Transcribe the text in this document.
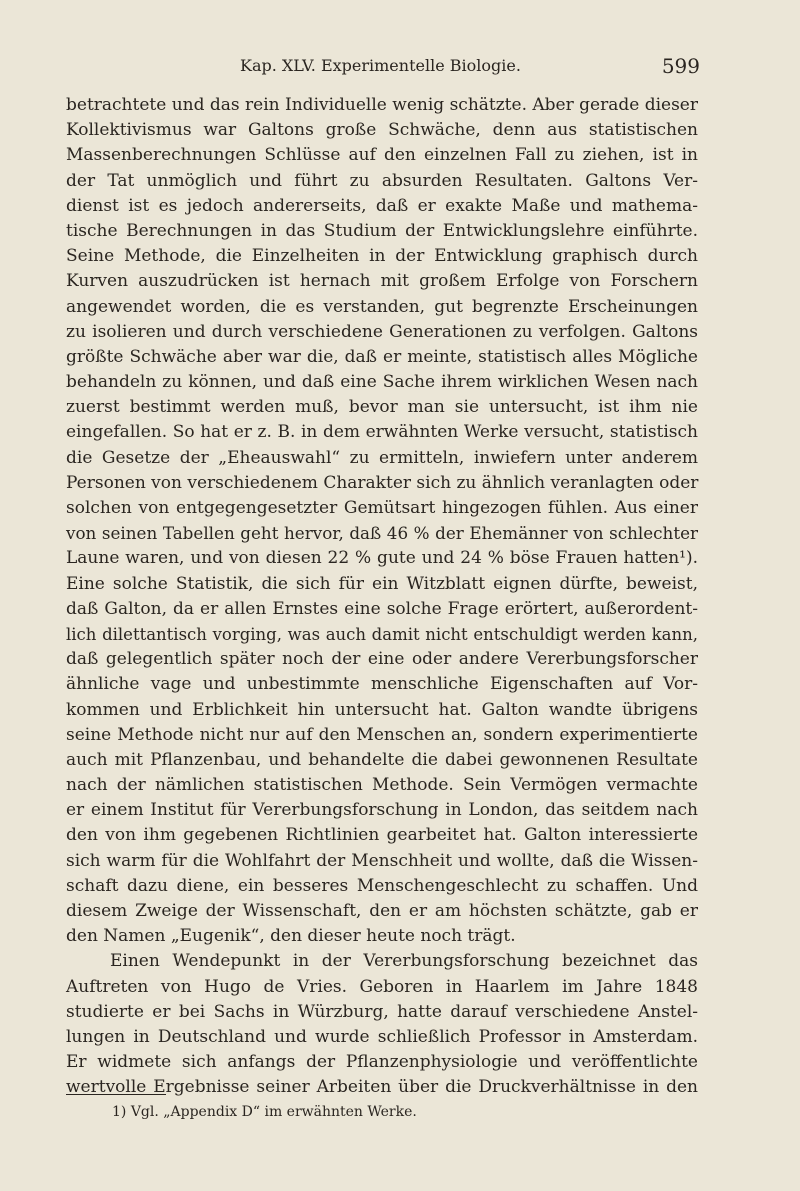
Kap. XLV. Experimentelle Biologie.	599
betrachtete und das rein Individuelle wenig schätzte. Aber gerade dieser
Kollektivismus war Galtons große Schwäche, denn aus statistischen
Massenberechnungen Schlüsse auf den einzelnen Fall zu ziehen, ist in
der Tat unmöglich und führt zu absurden Resultaten. Galtons Ver-
dienst ist es jedoch andererseits, daß er exakte Maße und mathema-
tische Berechnungen in das Studium der Entwicklungslehre einführte.
Seine Methode, die Einzelheiten in der Entwicklung graphisch durch
Kurven auszudrücken ist hernach mit großem Erfolge von Forschern
angewendet worden, die es verstanden, gut begrenzte Erscheinungen
zu isolieren und durch verschiedene Generationen zu verfolgen. Galtons
größte Schwäche aber war die, daß er meinte, statistisch alles Mögliche
behandeln zu können, und daß eine Sache ihrem wirklichen Wesen nach
zuerst bestimmt werden muß, bevor man sie untersucht, ist ihm nie
eingefallen. So hat er z. B. in dem erwähnten Werke versucht, statistisch
die Gesetze der „Eheauswahl“ zu ermitteln, inwiefern unter anderem
Personen von verschiedenem Charakter sich zu ähnlich veranlagten oder
solchen von entgegengesetzter Gemütsart hingezogen fühlen. Aus einer
von seinen Tabellen geht hervor, daß 46 % der Ehemänner von schlechter
Laune waren, und von diesen 22 % gute und 24 % böse Frauen hatten¹).
Eine solche Statistik, die sich für ein Witzblatt eignen dürfte, beweist,
daß Galton, da er allen Ernstes eine solche Frage erörtert, außerordent-
lich dilettantisch vorging, was auch damit nicht entschuldigt werden kann,
daß gelegentlich später noch der eine oder andere Vererbungsforscher
ähnliche vage und unbestimmte menschliche Eigenschaften auf Vor-
kommen und Erblichkeit hin untersucht hat. Galton wandte übrigens
seine Methode nicht nur auf den Menschen an, sondern experimentierte
auch mit Pflanzenbau, und behandelte die dabei gewonnenen Resultate
nach der nämlichen statistischen Methode. Sein Vermögen vermachte
er einem Institut für Vererbungsforschung in London, das seitdem nach
den von ihm gegebenen Richtlinien gearbeitet hat. Galton interessierte
sich warm für die Wohlfahrt der Menschheit und wollte, daß die Wissen-
schaft dazu diene, ein besseres Menschengeschlecht zu schaffen. Und
diesem Zweige der Wissenschaft, den er am höchsten schätzte, gab er
den Namen „Eugenik“, den dieser heute noch trägt.
Einen Wendepunkt in der Vererbungsforschung bezeichnet das
Auftreten von Hugo de Vries. Geboren in Haarlem im Jahre 1848
studierte er bei Sachs in Würzburg, hatte darauf verschiedene Anstel-
lungen in Deutschland und wurde schließlich Professor in Amsterdam.
Er widmete sich anfangs der Pflanzenphysiologie und veröffentlichte
wertvolle Ergebnisse seiner Arbeiten über die Druckverhältnisse in den
1) Vgl. „Appendix D“ im erwähnten Werke.
